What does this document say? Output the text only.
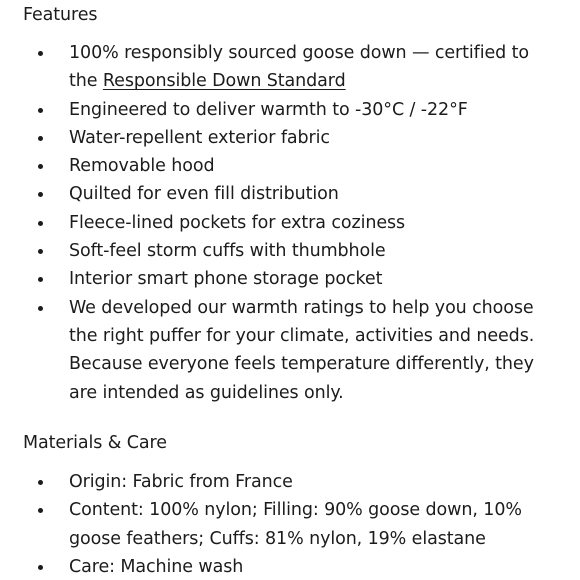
Features
100% responsibly sourced goose down — certified to the Responsible Down Standard
Engineered to deliver warmth to -30°C / -22°F
Water-repellent exterior fabric
Removable hood
Quilted for even fill distribution
Fleece-lined pockets for extra coziness
Soft-feel storm cuffs with thumbhole
Interior smart phone storage pocket
We developed our warmth ratings to help you choose the right puffer for your climate, activities and needs. Because everyone feels temperature differently, they are intended as guidelines only.
Materials & Care
Origin: Fabric from France
Content: 100% nylon; Filling: 90% goose down, 10% goose feathers; Cuffs: 81% nylon, 19% elastane
Care: Machine wash
